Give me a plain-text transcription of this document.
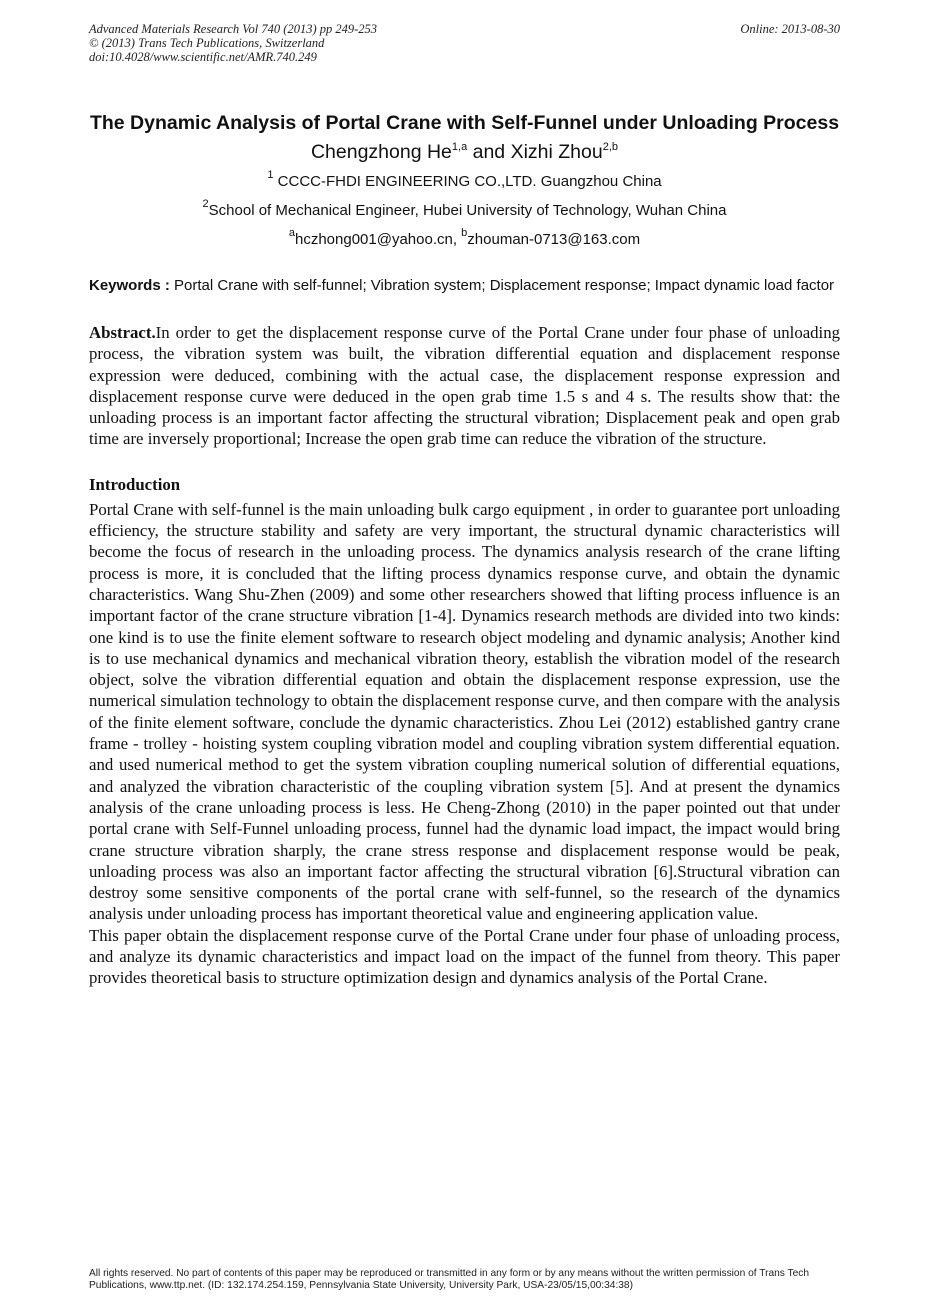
Advanced Materials Research Vol 740 (2013) pp 249-253
© (2013) Trans Tech Publications, Switzerland
doi:10.4028/www.scientific.net/AMR.740.249
Online: 2013-08-30
The Dynamic Analysis of Portal Crane with Self-Funnel under Unloading Process
Chengzhong He$^{1,a}$ and Xizhi Zhou$^{2,b}$
$^1$ CCCC-FHDI ENGINEERING CO.,LTD. Guangzhou China
$^2$School of Mechanical Engineer, Hubei University of Technology, Wuhan China
$^a$hczhong001@yahoo.cn, $^b$zhouman-0713@163.com
Keywords : Portal Crane with self-funnel; Vibration system; Displacement response; Impact dynamic load factor
Abstract.In order to get the displacement response curve of the Portal Crane under four phase of unloading process, the vibration system was built, the vibration differential equation and displacement response expression were deduced, combining with the actual case, the displacement response expression and displacement response curve were deduced in the open grab time 1.5 s and 4 s. The results show that: the unloading process is an important factor affecting the structural vibration; Displacement peak and open grab time are inversely proportional; Increase the open grab time can reduce the vibration of the structure.
Introduction
Portal Crane with self-funnel is the main unloading bulk cargo equipment , in order to guarantee port unloading efficiency, the structure stability and safety are very important, the structural dynamic characteristics will become the focus of research in the unloading process. The dynamics analysis research of the crane lifting process is more, it is concluded that the lifting process dynamics response curve, and obtain the dynamic characteristics. Wang Shu-Zhen (2009) and some other researchers showed that lifting process influence is an important factor of the crane structure vibration [1-4]. Dynamics research methods are divided into two kinds: one kind is to use the finite element software to research object modeling and dynamic analysis; Another kind is to use mechanical dynamics and mechanical vibration theory, establish the vibration model of the research object, solve the vibration differential equation and obtain the displacement response expression, use the numerical simulation technology to obtain the displacement response curve, and then compare with the analysis of the finite element software, conclude the dynamic characteristics. Zhou Lei (2012) established gantry crane frame - trolley - hoisting system coupling vibration model and coupling vibration system differential equation. and used numerical method to get the system vibration coupling numerical solution of differential equations, and analyzed the vibration characteristic of the coupling vibration system [5]. And at present the dynamics analysis of the crane unloading process is less. He Cheng-Zhong (2010) in the paper pointed out that under portal crane with Self-Funnel unloading process, funnel had the dynamic load impact, the impact would bring crane structure vibration sharply, the crane stress response and displacement response would be peak, unloading process was also an important factor affecting the structural vibration [6].Structural vibration can destroy some sensitive components of the portal crane with self-funnel, so the research of the dynamics analysis under unloading process has important theoretical value and engineering application value.
This paper obtain the displacement response curve of the Portal Crane under four phase of unloading process, and analyze its dynamic characteristics and impact load on the impact of the funnel from theory. This paper provides theoretical basis to structure optimization design and dynamics analysis of the Portal Crane.
All rights reserved. No part of contents of this paper may be reproduced or transmitted in any form or by any means without the written permission of Trans Tech Publications, www.ttp.net. (ID: 132.174.254.159, Pennsylvania State University, University Park, USA-23/05/15,00:34:38)
